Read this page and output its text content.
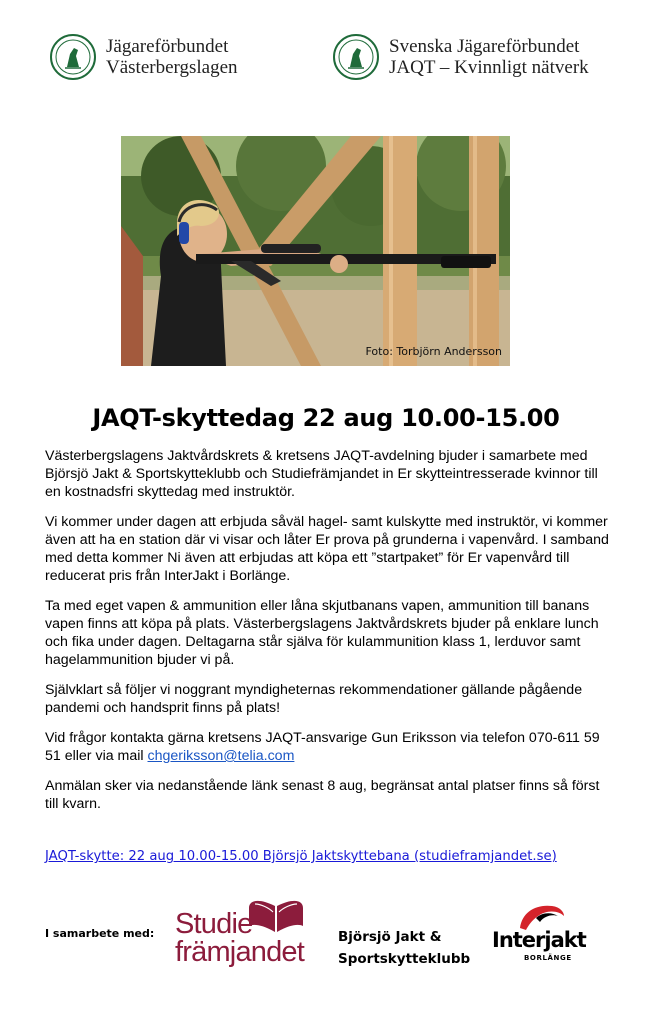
Jägareförbundet
Västerbergslagen
Svenska Jägareförbundet
JAQT – Kvinnligt nätverk
Foto: Torbjörn Andersson
JAQT-skyttedag 22 aug 10.00-15.00

Västerbergslagens Jaktvårdskrets & kretsens JAQT-avdelning bjuder i samarbete med Björsjö Jakt & Sportskytteklubb och Studiefrämjandet in Er skytteintresserade kvinnor till en kostnadsfri skyttedag med instruktör.

Vi kommer under dagen att erbjuda såväl hagel- samt kulskytte med instruktör, vi kommer även att ha en station där vi visar och låter Er prova på grunderna i vapenvård. I samband med detta kommer Ni även att erbjudas att köpa ett ”startpaket” för Er vapenvård till reducerat pris från InterJakt i Borlänge.

Ta med eget vapen & ammunition eller låna skjutbanans vapen, ammunition till banans vapen finns att köpa på plats. Västerbergslagens Jaktvårdskrets bjuder på enklare lunch och fika under dagen. Deltagarna står själva för kulammunition klass 1, lerduvor samt hagelammunition bjuder vi på.

Självklart så följer vi noggrant myndigheternas rekommendationer gällande pågående pandemi och handsprit finns på plats!

Vid frågor kontakta gärna kretsens JAQT-ansvarige Gun Eriksson via telefon 070-611 59 51 eller via mail chgeriksson@telia.com

Anmälan sker via nedanstående länk senast 8 aug, begränsat antal platser finns så först till kvarn.

JAQT-skytte: 22 aug 10.00-15.00 Björsjö Jaktskyttebana (studieframjandet.se)
I samarbete med: Studie
främjandet	Björsjö Jakt &
Sportskytteklubb
Interjakt
BORLÄNGE
